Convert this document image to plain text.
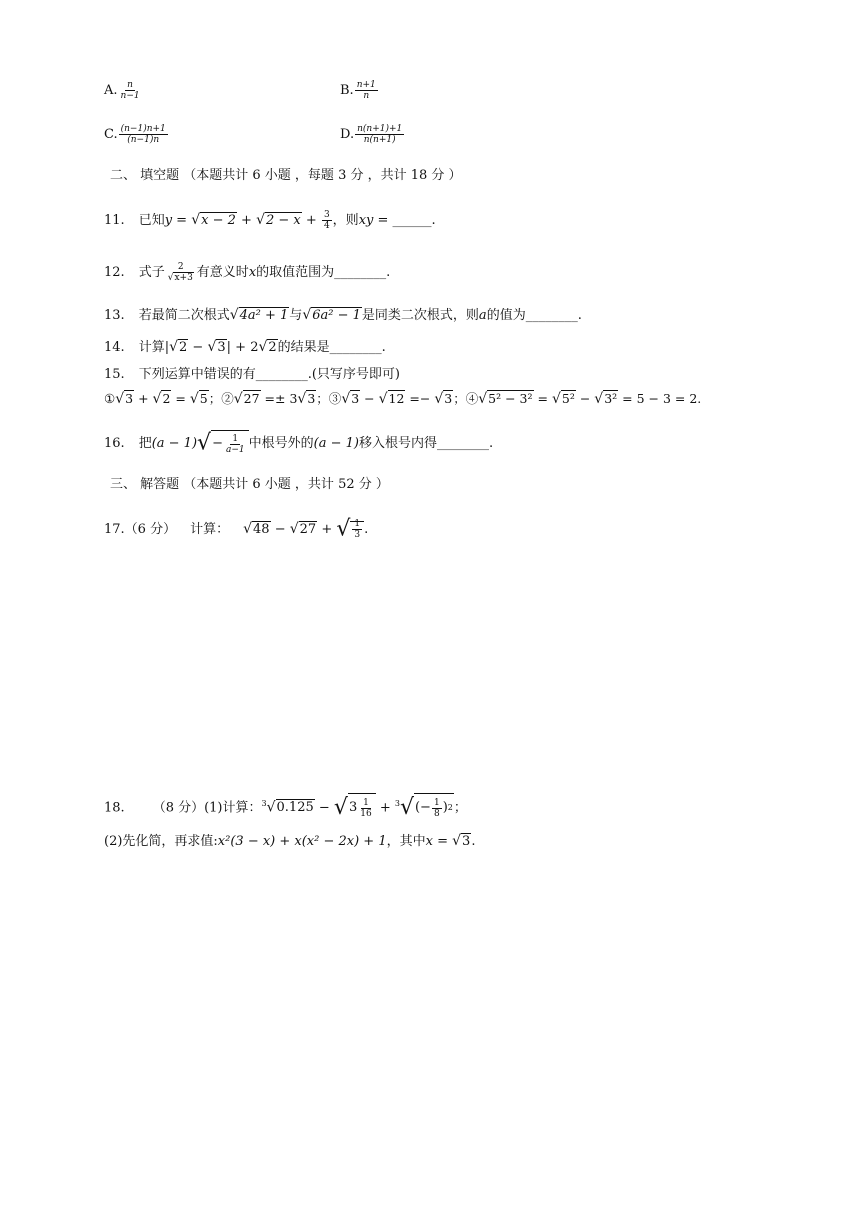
A. $\frac{n}{n-1}$	B. $\frac{n+1}{n}$
C. $\frac{(n-1)n+1}{(n-1)n}$	D. $\frac{n(n+1)+1}{n(n+1)}$
二、 填空题 （本题共计 6 小题 ，每题 3 分 ，共计 18 分 ）
11. 已知$y = √x - 2 + √2 - x + \frac{3}{4}$ ，则xy = ______.
12. 式子 $\frac{2}{√x+3}$ 有意义时x的取值范围为________.
13. 若最简二次根式√4a² + 1与√6a² − 1是同类二次根式，则a的值为________.
14. 计算|√2 − √3| + 2√2的结果是________.
15. 下列运算中错误的有________.(只写序号即可)
①√3 + √2 = √5；②√27 =± 3√3；③√3 − √12 =− √3；④√5² − 3² = √5² − √3² = 5 − 3 = 2.
16. 把$(a - 1)√ - \frac{1}{a-1}$ 中根号外的(a − 1)移入根号内得________.
三、 解答题 （本题共计 6 小题 ，共计 52 分 ）
17.（6 分） 计算： √48 − √27 + √ $\frac{1}{3}$ .
18. （8 分）(1)计算：$^3$√0.125 − √ $3 \frac{1}{16} + ^3√$ (− $\frac{1}{8}$ ) 2 ；
(2)先化简，再求值:x²(3 − x) + x(x² − 2x) + 1，其中x = √3.
